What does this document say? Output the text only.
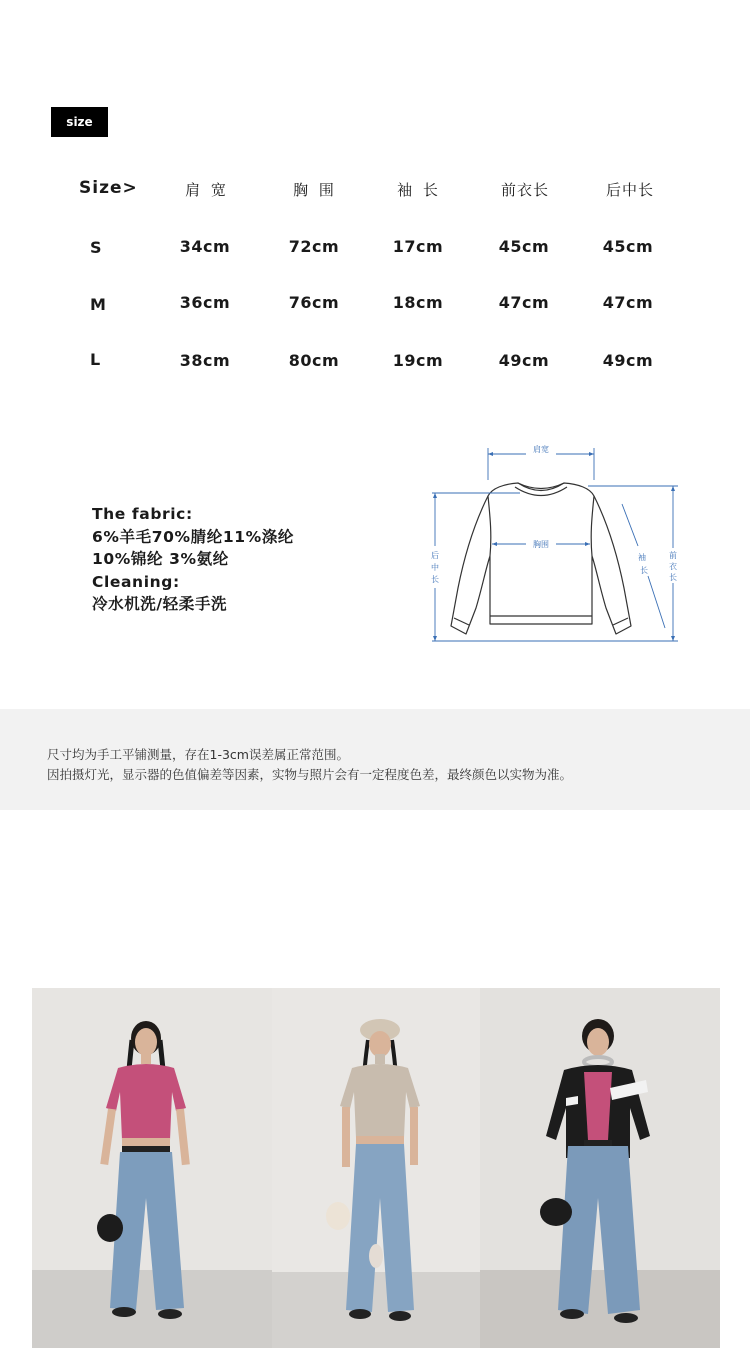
size
Size>	肩 宽	胸 围	袖 长	前衣长	后中长
S	34cm	72cm	17cm	45cm	45cm
M	36cm	76cm	18cm	47cm	47cm
L	38cm	80cm	19cm	49cm	49cm
The fabric:
6%羊毛70%腈纶11%涤纶
10%锦纶 3%氨纶
Cleaning:
冷水机洗/轻柔手洗
肩宽
胸围
袖
长
后
中
长
前
衣
长
尺寸均为手工平铺测量，存在1-3cm误差属正常范围。
因拍摄灯光，显示器的色值偏差等因素，实物与照片会有一定程度色差，最终颜色以实物为准。
